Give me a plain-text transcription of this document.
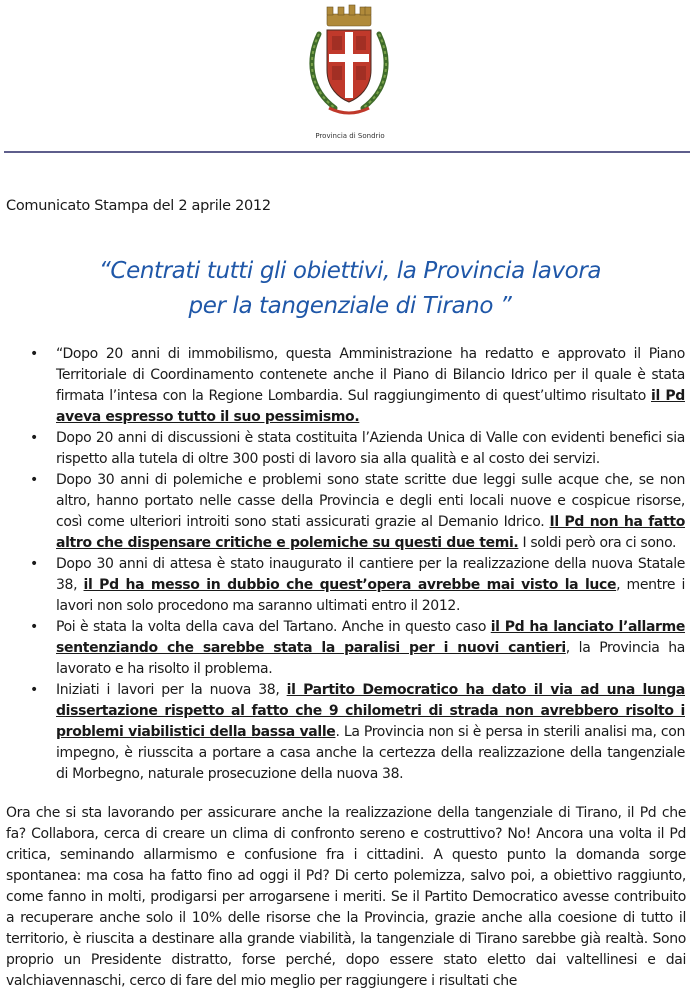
Provincia di Sondrio
Comunicato Stampa del 2 aprile 2012
“Centrati tutti gli obiettivi, la Provincia lavora
per la tangenziale di Tirano ”
• “Dopo 20 anni di immobilismo, questa Amministrazione ha redatto e approvato il Piano Territoriale di Coordinamento contenete anche il Piano di Bilancio Idrico per il quale è stata firmata l’intesa con la Regione Lombardia. Sul raggiungimento di quest’ultimo risultato il Pd aveva espresso tutto il suo pessimismo.
• Dopo 20 anni di discussioni è stata costituita l’Azienda Unica di Valle con evidenti benefici sia rispetto alla tutela di oltre 300 posti di lavoro sia alla qualità e al costo dei servizi.
• Dopo 30 anni di polemiche e problemi sono state scritte due leggi sulle acque che, se non altro, hanno portato nelle casse della Provincia e degli enti locali nuove e cospicue risorse, così come ulteriori introiti sono stati assicurati grazie al Demanio Idrico. Il Pd non ha fatto altro che dispensare critiche e polemiche su questi due temi. I soldi però ora ci sono.
• Dopo 30 anni di attesa è stato inaugurato il cantiere per la realizzazione della nuova Statale 38, il Pd ha messo in dubbio che quest’opera avrebbe mai visto la luce, mentre i lavori non solo procedono ma saranno ultimati entro il 2012.
• Poi è stata la volta della cava del Tartano. Anche in questo caso il Pd ha lanciato l’allarme sentenziando che sarebbe stata la paralisi per i nuovi cantieri, la Provincia ha lavorato e ha risolto il problema.
• Iniziati i lavori per la nuova 38, il Partito Democratico ha dato il via ad una lunga dissertazione rispetto al fatto che 9 chilometri di strada non avrebbero risolto i problemi viabilistici della bassa valle. La Provincia non si è persa in sterili analisi ma, con impegno, è riusscita a portare a casa anche la certezza della realizzazione della tangenziale di Morbegno, naturale prosecuzione della nuova 38.

Ora che si sta lavorando per assicurare anche la realizzazione della tangenziale di Tirano, il Pd che fa? Collabora, cerca di creare un clima di confronto sereno e costruttivo? No! Ancora una volta il Pd critica, seminando allarmismo e confusione fra i cittadini. A questo punto la domanda sorge spontanea: ma cosa ha fatto fino ad oggi il Pd? Di certo polemizza, salvo poi, a obiettivo raggiunto, come fanno in molti, prodigarsi per arrogarsene i meriti. Se il Partito Democratico avesse contribuito a recuperare anche solo il 10% delle risorse che la Provincia, grazie anche alla coesione di tutto il territorio, è riuscita a destinare alla grande viabilità, la tangenziale di Tirano sarebbe già realtà. Sono proprio un Presidente distratto, forse perché, dopo essere stato eletto dai valtellinesi e dai valchiavennaschi, cerco di fare del mio meglio per raggiungere i risultati che
